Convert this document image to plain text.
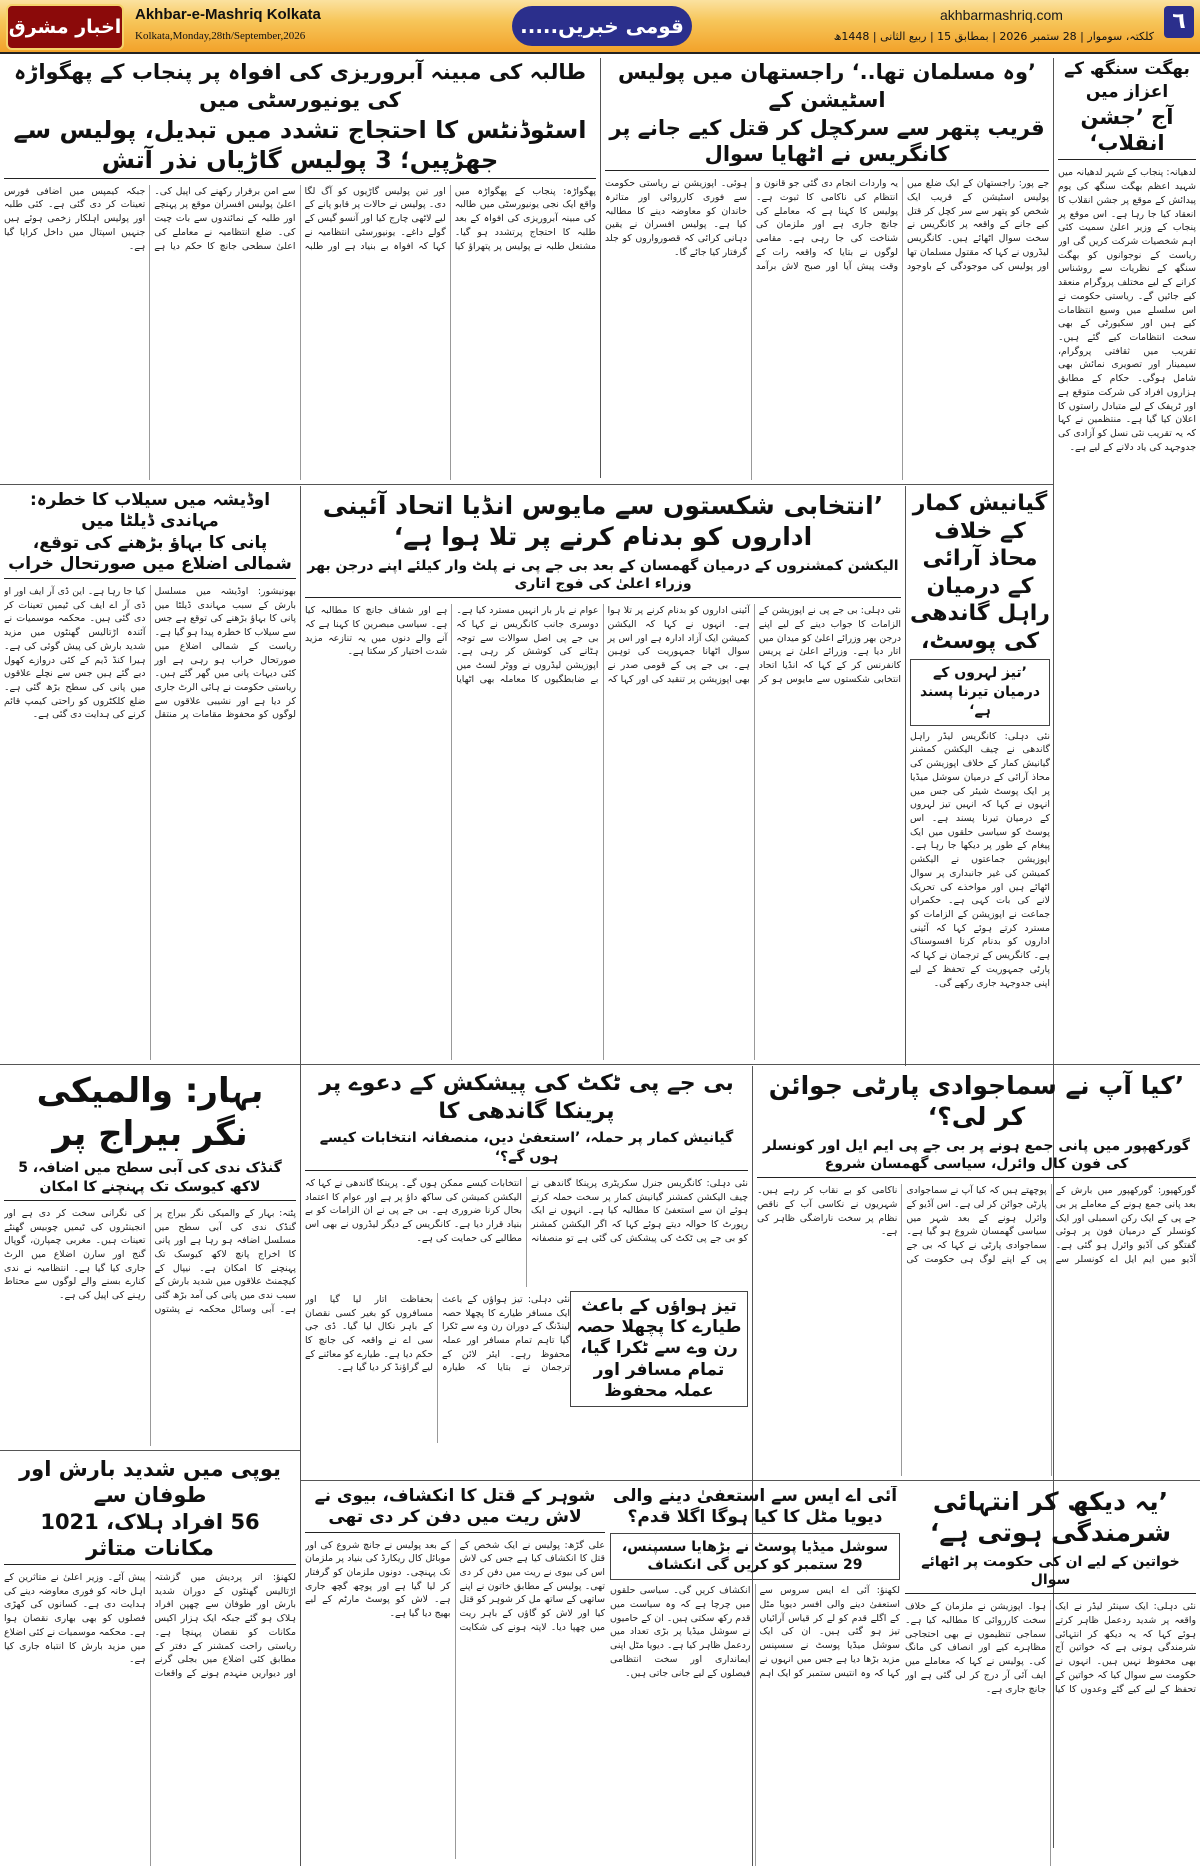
٦
akhbarmashriq.com
کلکتہ، سوموار | 28 ستمبر 2026 | بمطابق 15 | ربیع الثانی | 1448ھ
قومی خبریں.....
Akhbar-e-Mashriq Kolkata
Kolkata,Monday,28th/September,2026
اخبار مشرق
بھگت سنگھ کے اعزاز میں
آج ’جشن انقلاب‘
لدھیانہ: پنجاب کے شہر لدھیانہ میں شہید اعظم بھگت سنگھ کی یوم پیدائش کے موقع پر جشن انقلاب کا انعقاد کیا جا رہا ہے۔ اس موقع پر پنجاب کے وزیر اعلیٰ سمیت کئی اہم شخصیات شرکت کریں گی اور ریاست کے نوجوانوں کو بھگت سنگھ کے نظریات سے روشناس کرانے کے لیے مختلف پروگرام منعقد کیے جائیں گے۔ ریاستی حکومت نے اس سلسلے میں وسیع انتظامات کیے ہیں اور سکیورٹی کے بھی سخت انتظامات کیے گئے ہیں۔ تقریب میں ثقافتی پروگرام، سیمینار اور تصویری نمائش بھی شامل ہوگی۔ حکام کے مطابق ہزاروں افراد کی شرکت متوقع ہے اور ٹریفک کے لیے متبادل راستوں کا اعلان کیا گیا ہے۔ منتظمین نے کہا کہ یہ تقریب نئی نسل کو آزادی کی جدوجہد کی یاد دلانے کے لیے ہے۔
’وہ مسلمان تھا..‘ راجستھان میں پولیس اسٹیشن کے
قریب پتھر سے سرکچل کر قتل کیے جانے پر کانگریس نے اٹھایا سوال
جے پور: راجستھان کے ایک ضلع میں پولیس اسٹیشن کے قریب ایک شخص کو پتھر سے سر کچل کر قتل کیے جانے کے واقعہ پر کانگریس نے سخت سوال اٹھائے ہیں۔ کانگریس لیڈروں نے کہا کہ مقتول مسلمان تھا اور پولیس کی موجودگی کے باوجود یہ واردات انجام دی گئی جو قانون و انتظام کی ناکامی کا ثبوت ہے۔ پولیس کا کہنا ہے کہ معاملے کی جانچ جاری ہے اور ملزمان کی شناخت کی جا رہی ہے۔ مقامی لوگوں نے بتایا کہ واقعہ رات کے وقت پیش آیا اور صبح لاش برآمد ہوئی۔ اپوزیشن نے ریاستی حکومت سے فوری کارروائی اور متاثرہ خاندان کو معاوضہ دینے کا مطالبہ کیا ہے۔ پولیس افسران نے یقین دہانی کرائی کہ قصورواروں کو جلد گرفتار کیا جائے گا۔
طالبہ کی مبینہ آبروریزی کی افواہ پر پنجاب کے پھگواڑہ کی یونیورسٹی میں
اسٹوڈنٹس کا احتجاج تشدد میں تبدیل، پولیس سے جھڑپیں؛ 3 پولیس گاڑیاں نذر آتش
پھگواڑہ: پنجاب کے پھگواڑہ میں واقع ایک نجی یونیورسٹی میں طالبہ کی مبینہ آبروریزی کی افواہ کے بعد طلبہ کا احتجاج پرتشدد ہو گیا۔ مشتعل طلبہ نے پولیس پر پتھراؤ کیا اور تین پولیس گاڑیوں کو آگ لگا دی۔ پولیس نے حالات پر قابو پانے کے لیے لاٹھی چارج کیا اور آنسو گیس کے گولے داغے۔ یونیورسٹی انتظامیہ نے کہا کہ افواہ بے بنیاد ہے اور طلبہ سے امن برقرار رکھنے کی اپیل کی۔ اعلیٰ پولیس افسران موقع پر پہنچے اور طلبہ کے نمائندوں سے بات چیت کی۔ ضلع انتظامیہ نے معاملے کی اعلیٰ سطحی جانچ کا حکم دیا ہے جبکہ کیمپس میں اضافی فورس تعینات کر دی گئی ہے۔ کئی طلبہ اور پولیس اہلکار زخمی ہوئے ہیں جنہیں اسپتال میں داخل کرایا گیا ہے۔
گیانیش کمار کے خلاف محاذ آرائی
کے درمیان راہل گاندھی کی پوسٹ،
’تیز لہروں کے درمیان تیرنا پسند ہے‘
نئی دہلی: کانگریس لیڈر راہل گاندھی نے چیف الیکشن کمشنر گیانیش کمار کے خلاف اپوزیشن کی محاذ آرائی کے درمیان سوشل میڈیا پر ایک پوسٹ شیئر کی جس میں انہوں نے کہا کہ انہیں تیز لہروں کے درمیان تیرنا پسند ہے۔ اس پوسٹ کو سیاسی حلقوں میں ایک پیغام کے طور پر دیکھا جا رہا ہے۔ اپوزیشن جماعتوں نے الیکشن کمیشن کی غیر جانبداری پر سوال اٹھائے ہیں اور مواخذے کی تحریک لانے کی بات کہی ہے۔ حکمراں جماعت نے اپوزیشن کے الزامات کو مسترد کرتے ہوئے کہا کہ آئینی اداروں کو بدنام کرنا افسوسناک ہے۔ کانگریس کے ترجمان نے کہا کہ پارٹی جمہوریت کے تحفظ کے لیے اپنی جدوجہد جاری رکھے گی۔
’انتخابی شکستوں سے مایوس انڈیا اتحاد آئینی اداروں کو بدنام کرنے پر تلا ہوا ہے‘
الیکشن کمشنروں کے درمیان گھمسان کے بعد بی جے پی نے پلٹ وار کیلئے اپنے درجن بھر وزراء اعلیٰ کی فوج اتاری
نئی دہلی: بی جے پی نے اپوزیشن کے الزامات کا جواب دینے کے لیے اپنے درجن بھر وزرائے اعلیٰ کو میدان میں اتار دیا ہے۔ وزرائے اعلیٰ نے پریس کانفرنس کر کے کہا کہ انڈیا اتحاد انتخابی شکستوں سے مایوس ہو کر آئینی اداروں کو بدنام کرنے پر تلا ہوا ہے۔ انہوں نے کہا کہ الیکشن کمیشن ایک آزاد ادارہ ہے اور اس پر سوال اٹھانا جمہوریت کی توہین ہے۔ بی جے پی کے قومی صدر نے بھی اپوزیشن پر تنقید کی اور کہا کہ عوام نے بار بار انہیں مسترد کیا ہے۔ دوسری جانب کانگریس نے کہا کہ بی جے پی اصل سوالات سے توجہ ہٹانے کی کوشش کر رہی ہے۔ اپوزیشن لیڈروں نے ووٹر لسٹ میں بے ضابطگیوں کا معاملہ بھی اٹھایا ہے اور شفاف جانچ کا مطالبہ کیا ہے۔ سیاسی مبصرین کا کہنا ہے کہ آنے والے دنوں میں یہ تنازعہ مزید شدت اختیار کر سکتا ہے۔
اوڈیشہ میں سیلاب کا خطرہ: مہاندی ڈیلٹا میں
پانی کا بہاؤ بڑھنے کی توقع، شمالی اضلاع میں صورتحال خراب
بھونیشور: اوڈیشہ میں مسلسل بارش کے سبب مہاندی ڈیلٹا میں پانی کا بہاؤ بڑھنے کی توقع ہے جس سے سیلاب کا خطرہ پیدا ہو گیا ہے۔ ریاست کے شمالی اضلاع میں صورتحال خراب ہو رہی ہے اور کئی دیہات پانی میں گھر گئے ہیں۔ ریاستی حکومت نے ہائی الرٹ جاری کر دیا ہے اور نشیبی علاقوں سے لوگوں کو محفوظ مقامات پر منتقل کیا جا رہا ہے۔ این ڈی آر ایف اور او ڈی آر اے ایف کی ٹیمیں تعینات کر دی گئی ہیں۔ محکمہ موسمیات نے آئندہ اڑتالیس گھنٹوں میں مزید شدید بارش کی پیش گوئی کی ہے۔ ہیرا کنڈ ڈیم کے کئی دروازے کھول دیے گئے ہیں جس سے نچلے علاقوں میں پانی کی سطح بڑھ گئی ہے۔ ضلع کلکٹروں کو راحتی کیمپ قائم کرنے کی ہدایت دی گئی ہے۔
بہار: والمیکی نگر بیراج پر
گنڈک ندی کی آبی سطح میں اضافہ، 5 لاکھ کیوسک تک پہنچنے کا امکان
پٹنہ: بہار کے والمیکی نگر بیراج پر گنڈک ندی کی آبی سطح میں مسلسل اضافہ ہو رہا ہے اور پانی کا اخراج پانچ لاکھ کیوسک تک پہنچنے کا امکان ہے۔ نیپال کے کیچمنٹ علاقوں میں شدید بارش کے سبب ندی میں پانی کی آمد بڑھ گئی ہے۔ آبی وسائل محکمہ نے پشتوں کی نگرانی سخت کر دی ہے اور انجینئروں کی ٹیمیں چوبیس گھنٹے تعینات ہیں۔ مغربی چمپارن، گوپال گنج اور سارن اضلاع میں الرٹ جاری کیا گیا ہے۔ انتظامیہ نے ندی کنارے بسنے والے لوگوں سے محتاط رہنے کی اپیل کی ہے۔
یوپی میں شدید بارش اور طوفان سے
56 افراد ہلاک، 1021 مکانات متاثر
لکھنؤ: اتر پردیش میں گزشتہ اڑتالیس گھنٹوں کے دوران شدید بارش اور طوفان سے چھپن افراد ہلاک ہو گئے جبکہ ایک ہزار اکیس مکانات کو نقصان پہنچا ہے۔ ریاستی راحت کمشنر کے دفتر کے مطابق کئی اضلاع میں بجلی گرنے اور دیواریں منہدم ہونے کے واقعات پیش آئے۔ وزیر اعلیٰ نے متاثرین کے اہل خانہ کو فوری معاوضہ دینے کی ہدایت دی ہے۔ کسانوں کی کھڑی فصلوں کو بھی بھاری نقصان ہوا ہے۔ محکمہ موسمیات نے کئی اضلاع میں مزید بارش کا انتباہ جاری کیا ہے۔
بی جے پی ٹکٹ کی پیشکش کے دعوے پر پرینکا گاندھی کا
گیانیش کمار پر حملہ، ’استعفیٰ دیں، منصفانہ انتخابات کیسے ہوں گے؟‘
نئی دہلی: کانگریس جنرل سکریٹری پرینکا گاندھی نے چیف الیکشن کمشنر گیانیش کمار پر سخت حملہ کرتے ہوئے ان سے استعفیٰ کا مطالبہ کیا ہے۔ انہوں نے ایک رپورٹ کا حوالہ دیتے ہوئے کہا کہ اگر الیکشن کمشنر کو بی جے پی ٹکٹ کی پیشکش کی گئی ہے تو منصفانہ انتخابات کیسے ممکن ہوں گے۔ پرینکا گاندھی نے کہا کہ الیکشن کمیشن کی ساکھ داؤ پر ہے اور عوام کا اعتماد بحال کرنا ضروری ہے۔ بی جے پی نے ان الزامات کو بے بنیاد قرار دیا ہے۔ کانگریس کے دیگر لیڈروں نے بھی اس مطالبے کی حمایت کی ہے۔
تیز ہواؤں کے باعث طیارے کا پچھلا حصہ رن وے سے ٹکرا گیا، تمام مسافر اور عملہ محفوظ
نئی دہلی: تیز ہواؤں کے باعث ایک مسافر طیارے کا پچھلا حصہ لینڈنگ کے دوران رن وے سے ٹکرا گیا تاہم تمام مسافر اور عملہ محفوظ رہے۔ ایئر لائن کے ترجمان نے بتایا کہ طیارہ بحفاظت اتار لیا گیا اور مسافروں کو بغیر کسی نقصان کے باہر نکال لیا گیا۔ ڈی جی سی اے نے واقعہ کی جانچ کا حکم دیا ہے۔ طیارے کو معائنے کے لیے گراؤنڈ کر دیا گیا ہے۔
’کیا آپ نے سماجوادی پارٹی جوائن کر لی؟‘
گورکھپور میں پانی جمع ہونے پر بی جے پی ایم ایل اور کونسلر کی فون کال وائرل، سیاسی گھمسان شروع
گورکھپور: گورکھپور میں بارش کے بعد پانی جمع ہونے کے معاملے پر بی جے پی کے ایک رکن اسمبلی اور ایک کونسلر کے درمیان فون پر ہوئی گفتگو کی آڈیو وائرل ہو گئی ہے۔ آڈیو میں ایم ایل اے کونسلر سے پوچھتے ہیں کہ کیا آپ نے سماجوادی پارٹی جوائن کر لی ہے۔ اس آڈیو کے وائرل ہونے کے بعد شہر میں سیاسی گھمسان شروع ہو گیا ہے۔ سماجوادی پارٹی نے کہا کہ بی جے پی کے اپنے لوگ ہی حکومت کی ناکامی کو بے نقاب کر رہے ہیں۔ شہریوں نے نکاسی آب کے ناقص نظام پر سخت ناراضگی ظاہر کی ہے۔
’یہ دیکھ کر انتہائی شرمندگی ہوتی ہے‘
خواتین کے لیے ان کی حکومت پر اٹھائے سوال
نئی دہلی: ایک سینئر لیڈر نے ایک واقعہ پر شدید ردعمل ظاہر کرتے ہوئے کہا کہ یہ دیکھ کر انتہائی شرمندگی ہوتی ہے کہ خواتین آج بھی محفوظ نہیں ہیں۔ انہوں نے حکومت سے سوال کیا کہ خواتین کے تحفظ کے لیے کیے گئے وعدوں کا کیا ہوا۔ اپوزیشن نے ملزمان کے خلاف سخت کارروائی کا مطالبہ کیا ہے۔ سماجی تنظیموں نے بھی احتجاجی مظاہرے کیے اور انصاف کی مانگ کی۔ پولیس نے کہا کہ معاملے میں ایف آئی آر درج کر لی گئی ہے اور جانچ جاری ہے۔
آئی اے ایس سے استعفیٰ دینے والی دیویا مٹل کا کیا ہوگا اگلا قدم؟
سوشل میڈیا پوسٹ نے بڑھایا سسپنس، 29 ستمبر کو کریں گی انکشاف
لکھنؤ: آئی اے ایس سروس سے استعفیٰ دینے والی افسر دیویا مٹل کے اگلے قدم کو لے کر قیاس آرائیاں تیز ہو گئی ہیں۔ ان کی ایک سوشل میڈیا پوسٹ نے سسپنس مزید بڑھا دیا ہے جس میں انہوں نے کہا کہ وہ انتیس ستمبر کو ایک اہم انکشاف کریں گی۔ سیاسی حلقوں میں چرچا ہے کہ وہ سیاست میں قدم رکھ سکتی ہیں۔ ان کے حامیوں نے سوشل میڈیا پر بڑی تعداد میں ردعمل ظاہر کیا ہے۔ دیویا مٹل اپنی ایمانداری اور سخت انتظامی فیصلوں کے لیے جانی جاتی ہیں۔
شوہر کے قتل کا انکشاف، بیوی نے لاش ریت میں دفن کر دی تھی
علی گڑھ: پولیس نے ایک شخص کے قتل کا انکشاف کیا ہے جس کی لاش اس کی بیوی نے ریت میں دفن کر دی تھی۔ پولیس کے مطابق خاتون نے اپنے ساتھی کے ساتھ مل کر شوہر کو قتل کیا اور لاش کو گاؤں کے باہر ریت میں چھپا دیا۔ لاپتہ ہونے کی شکایت کے بعد پولیس نے جانچ شروع کی اور موبائل کال ریکارڈ کی بنیاد پر ملزمان تک پہنچی۔ دونوں ملزمان کو گرفتار کر لیا گیا ہے اور پوچھ گچھ جاری ہے۔ لاش کو پوسٹ مارٹم کے لیے بھیج دیا گیا ہے۔
